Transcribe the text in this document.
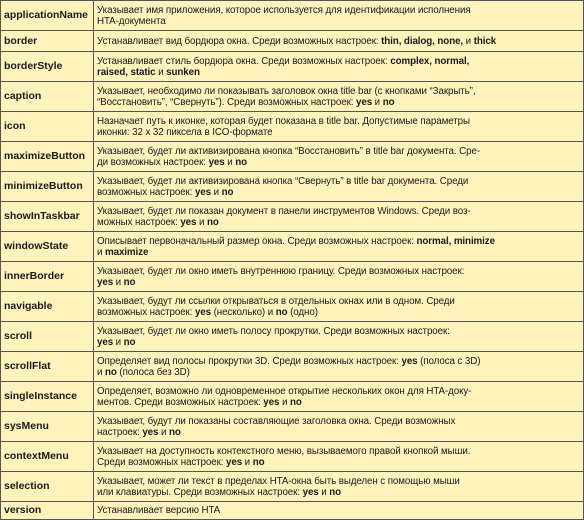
applicationName	Указывает имя приложения, которое используется для идентификации исполнения
HTA-документа
border	Устанавливает вид бордюра окна. Среди возможных настроек: thin, dialog, none, и thick
borderStyle	Устанавливает стиль бордюра окна. Среди возможных настроек: complex, normal,
raised, static и sunken
caption	Указывает, необходимо ли показывать заголовок окна title bar (с кнопками “Закрыть”,
“Восстановить”, “Свернуть”). Среди возможных настроек: yes и no
icon	Назначает путь к иконке, которая будет показана в title bar. Допустимые параметры
иконки: 32 x 32 пиксела в ICO-формате
maximizeButton	Указывает, будет ли активизирована кнопка “Восстановить” в title bar документа. Сре-
ди возможных настроек: yes и no
minimizeButton	Указывает, будет ли активизирована кнопка “Свернуть” в title bar документа. Среди
возможных настроек: yes и no
showInTaskbar	Указывает, будет ли показан документ в панели инструментов Windows. Среди воз-
можных настроек: yes и no
windowState	Описывает первоначальный размер окна. Среди возможных настроек: normal, minimize
и maximize
innerBorder	Указывает, будет ли окно иметь внутреннюю границу. Среди возможных настроек:
yes и no
navigable	Указывает, будут ли ссылки открываться в отдельных окнах или в одном. Среди
возможных настроек: yes (несколько) и no (одно)
scroll	Указывает, будет ли окно иметь полосу прокрутки. Среди возможных настроек:
yes и no
scrollFlat	Определяет вид полосы прокрутки 3D. Среди возможных настроек: yes (полоса с 3D)
и no (полоса без 3D)
singleInstance	Определяет, возможно ли одновременное открытие нескольких окон для HTA-доку-
ментов. Среди возможных настроек: yes и no
sysMenu	Указывает, будут ли показаны составляющие заголовка окна. Среди возможных
настроек: yes и no
contextMenu	Указывает на доступность контекстного меню, вызываемого правой кнопкой мыши.
Среди возможных настроек: yes и no
selection	Указывает, может ли текст в пределах HTA-окна быть выделен с помощью мыши
или клавиатуры. Среди возможных настроек: yes и no
version	Устанавливает версию HTA
